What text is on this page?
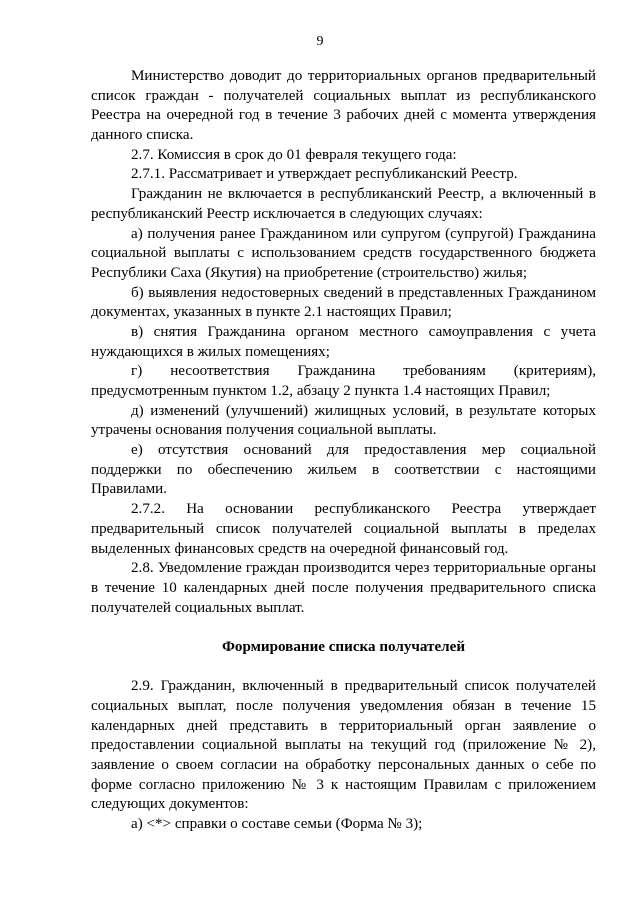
9
Министерство доводит до территориальных органов предварительный
список граждан - получателей социальных выплат из республиканского
Реестра на очередной год в течение 3 рабочих дней с момента утверждения
данного списка.
2.7. Комиссия в срок до 01 февраля текущего года:
2.7.1. Рассматривает и утверждает республиканский Реестр.
Гражданин не включается в республиканский Реестр, а включенный в
республиканский Реестр исключается в следующих случаях:
а) получения ранее Гражданином или супругом (супругой) Гражданина
социальной выплаты с использованием средств государственного бюджета
Республики Саха (Якутия) на приобретение (строительство) жилья;
б) выявления недостоверных сведений в представленных Гражданином
документах, указанных в пункте 2.1 настоящих Правил;
в) снятия Гражданина органом местного самоуправления с учета
нуждающихся в жилых помещениях;
г) несоответствия Гражданина требованиям (критериям),
предусмотренным пунктом 1.2, абзацу 2 пункта 1.4 настоящих Правил;
д) изменений (улучшений) жилищных условий, в результате которых
утрачены основания получения социальной выплаты.
е) отсутствия оснований для предоставления мер социальной
поддержки по обеспечению жильем в соответствии с настоящими
Правилами.
2.7.2. На основании республиканского Реестра утверждает
предварительный список получателей социальной выплаты в пределах
выделенных финансовых средств на очередной финансовый год.
2.8. Уведомление граждан производится через территориальные органы
в течение 10 календарных дней после получения предварительного списка
получателей социальных выплат.
Формирование списка получателей
2.9. Гражданин, включенный в предварительный список получателей
социальных выплат, после получения уведомления обязан в течение 15
календарных дней представить в территориальный орган заявление о
предоставлении социальной выплаты на текущий год (приложение № 2),
заявление о своем согласии на обработку персональных данных о себе по
форме согласно приложению № 3 к настоящим Правилам с приложением
следующих документов:
а) <*> справки о составе семьи (Форма № 3);
